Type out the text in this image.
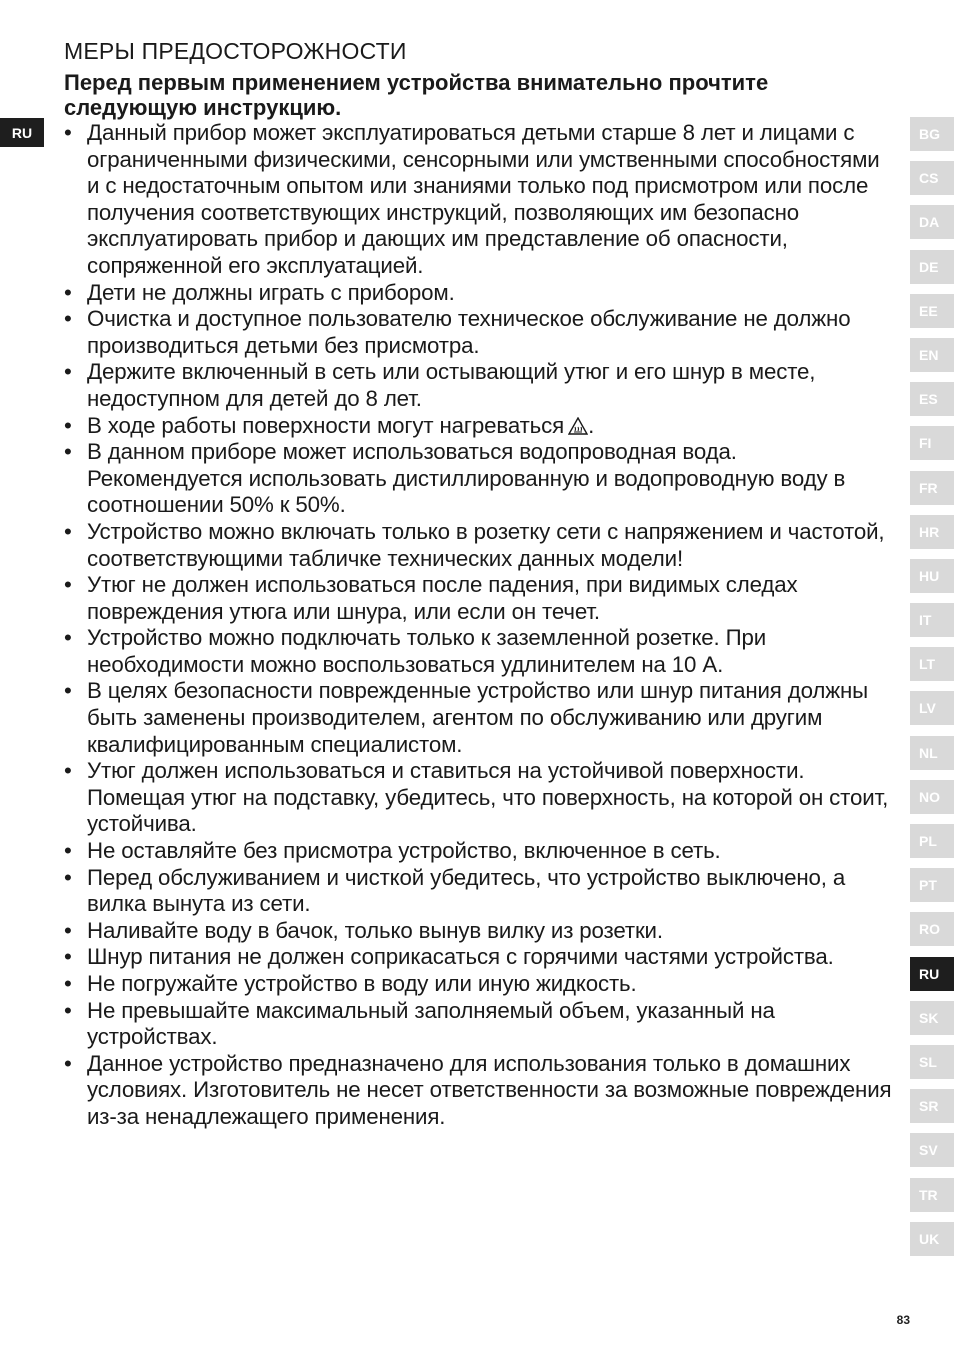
RU
МЕРЫ ПРЕДОСТОРОЖНОСТИ

Перед первым применением устройства внимательно прочтите следующую инструкцию.

• Данный прибор может эксплуатироваться детьми старше 8 лет и лицами с ограниченными физическими, сенсорными или умственными способностями и с недостаточным опытом или знаниями только под присмотром или после получения соответствующих инструкций, позволяющих им безопасно эксплуатировать прибор и дающих им представление об опасности, сопряженной его эксплуатацией.
• Дети не должны играть с прибором.
• Очистка и доступное пользователю техническое обслуживание не должно производиться детьми без присмотра.
• Держите включенный в сеть или остывающий утюг и его шнур в месте, недоступном для детей до 8 лет.
• В ходе работы поверхности могут нагреваться .
• В данном приборе может использоваться водопроводная вода. Рекомендуется использовать дистиллированную и водопроводную воду в соотношении 50% к 50%.
• Устройство можно включать только в розетку сети с напряжением и частотой, соответствующими табличке технических данных модели!
• Утюг не должен использоваться после падения, при видимых следах повреждения утюга или шнура, или если он течет.
• Устройство можно подключать только к заземленной розетке. При необходимости можно воспользоваться удлинителем на 10 A.
• В целях безопасности поврежденные устройство или шнур питания должны быть заменены производителем, агентом по обслуживанию или другим квалифицированным специалистом.
• Утюг должен использоваться и ставиться на устойчивой поверхности. Помещая утюг на подставку, убедитесь, что поверхность, на которой он стоит, устойчива.
• Не оставляйте без присмотра устройство, включенное в сеть.
• Перед обслуживанием и чисткой убедитесь, что устройство выключено, а вилка вынута из сети.
• Наливайте воду в бачок, только вынув вилку из розетки.
• Шнур питания не должен соприкасаться с горячими частями устройства.
• Не погружайте устройство в воду или иную жидкость.
• Не превышайте максимальный заполняемый объем, указанный на устройствах.
• Данное устройство предназначено для использования только в домашних условиях. Изготовитель не несет ответственности за возможные повреждения из-за ненадлежащего применения.
BG
CS
DA
DE
EE
EN
ES
FI
FR
HR
HU
IT
LT
LV
NL
NO
PL
PT
RO
RU
SK
SL
SR
SV
TR
UK
83
